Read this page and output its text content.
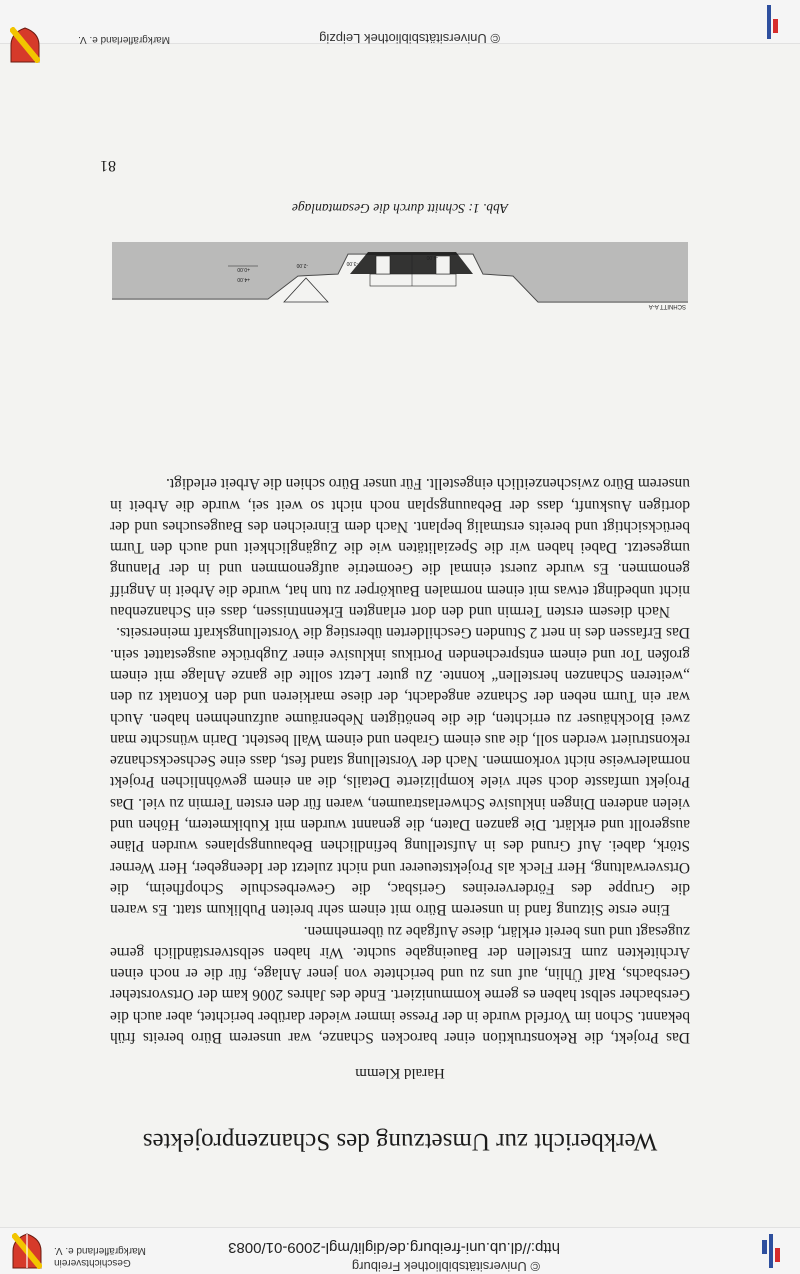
© Universitätsbibliothek Freiburg
http://dl.ub.uni-freiburg.de/diglit/mgl-2009-01/0083
Geschichtsverein
Markgräflerland e. V.
Werkbericht zur Umsetzung des Schanzenprojektes
Harald Klemm

Das Projekt, die Rekonstruktion einer barocken Schanze, war unserem Büro bereits früh bekannt. Schon im Vorfeld wurde in der Presse immer wieder darüber berichtet, aber auch die Gersbacher selbst haben es gerne kommuniziert. Ende des Jahres 2006 kam der Ortsvorsteher Gersbachs, Ralf Ühlin, auf uns zu und berichtete von jener Anlage, für die er noch einen Architekten zum Erstellen der Baueingabe suchte. Wir haben selbstverständlich gerne zugesagt und uns bereit erklärt, diese Aufgabe zu übernehmen.

Eine erste Sitzung fand in unserem Büro mit einem sehr breiten Publikum statt. Es waren die Gruppe des Fördervereines Gerisbac, die Gewerbeschule Schopfheim, die Ortsverwaltung, Herr Fleck als Projektsteuerer und nicht zuletzt der Ideengeber, Herr Werner Störk, dabei. Auf Grund des in Aufstellung befindlichen Bebauungsplanes wurden Pläne ausgerollt und erklärt. Die ganzen Daten, die genannt wurden mit Kubikmetern, Höhen und vielen anderen Dingen inklusive Schwerlastraumen, waren für den ersten Termin zu viel. Das Projekt umfasste doch sehr viele komplizierte Details, die an einem gewöhnlichen Projekt normalerweise nicht vorkommen. Nach der Vorstellung stand fest, dass eine Sechseckschanze rekonstruiert werden soll, die aus einem Graben und einem Wall besteht. Darin wünschte man zwei Blockhäuser zu errichten, die die benötigten Nebenräume aufzunehmen haben. Auch war ein Turm neben der Schanze angedacht, der diese markieren und den Kontakt zu den „weiteren Schanzen herstellen“ konnte. Zu guter Letzt sollte die ganze Anlage mit einem großen Tor und einem entsprechenden Portikus inklusive einer Zugbrücke ausgestattet sein. Das Erfassen des in nert 2 Stunden Geschilderten überstieg die Vorstellungskraft meinerseits.

Nach diesem ersten Termin und den dort erlangten Erkenntnissen, dass ein Schanzenbau nicht unbedingt etwas mit einem normalen Baukörper zu tun hat, wurde die Arbeit in Angriff genommen. Es wurde zuerst einmal die Geometrie aufgenommen und in der Planung umgesetzt. Dabei haben wir die Spezialitäten wie die Zugänglichkeit und auch den Turm berücksichtigt und bereits erstmalig beplant. Nach dem Einreichen des Baugesuches und der dortigen Auskunft, dass der Bebauungsplan noch nicht so weit sei, wurde die Arbeit in unserem Büro zwischenzeitlich eingestellt. Für unser Büro schien die Arbeit erledigt.

SCHNITT A-A
+4.00
+0.00
-2.00	-3.00
-4.00
Abb. 1: Schnitt durch die Gesamtanlage
81
© Universitätsbibliothek Leipzig
Markgräflerland e. V.
